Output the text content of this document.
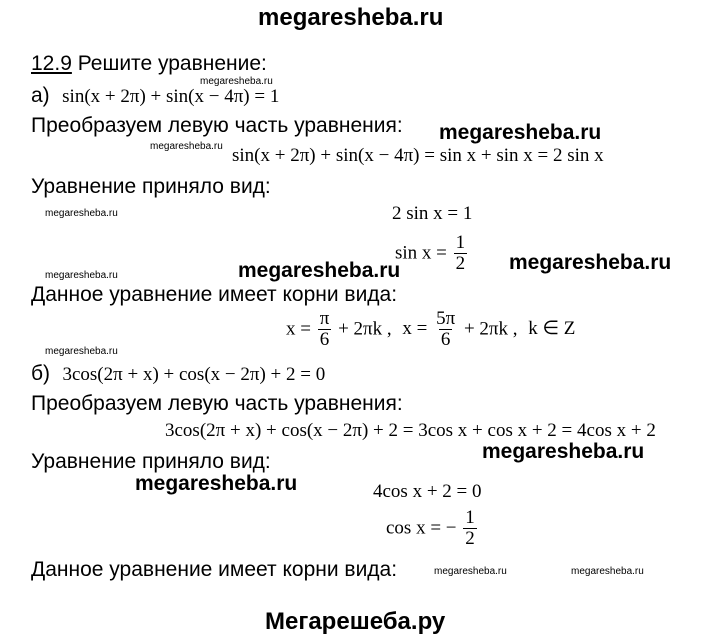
megaresheba.ru
megaresheba.ru
megaresheba.ru
megaresheba.ru
megaresheba.ru
megaresheba.ru	megaresheba.ru	megaresheba.ru
megaresheba.ru
megaresheba.ru
megaresheba.ru
megaresheba.ru	megaresheba.ru
Мегарешеба.ру
12.9 Решите уравнение:
а) sin(x + 2π) + sin(x − 4π) = 1
Преобразуем левую часть уравнения:
sin(x + 2π) + sin(x − 4π) = sin x + sin x = 2 sin x
Уравнение приняло вид:
2 sin x = 1
$\sin x = \frac{1}{2}$
Данное уравнение имеет корни вида:
$x = \frac{\pi}{6} + 2\pi k$ , $x = \frac{5\pi}{6} + 2\pi k$ , k ∈ Z
б) 3cos(2π + x) + cos(x − 2π) + 2 = 0
Преобразуем левую часть уравнения:
3cos(2π + x) + cos(x − 2π) + 2 = 3cos x + cos x + 2 = 4cos x + 2
Уравнение приняло вид:
4cos x + 2 = 0
cos x = − $\frac{1}{2}$
Данное уравнение имеет корни вида:
